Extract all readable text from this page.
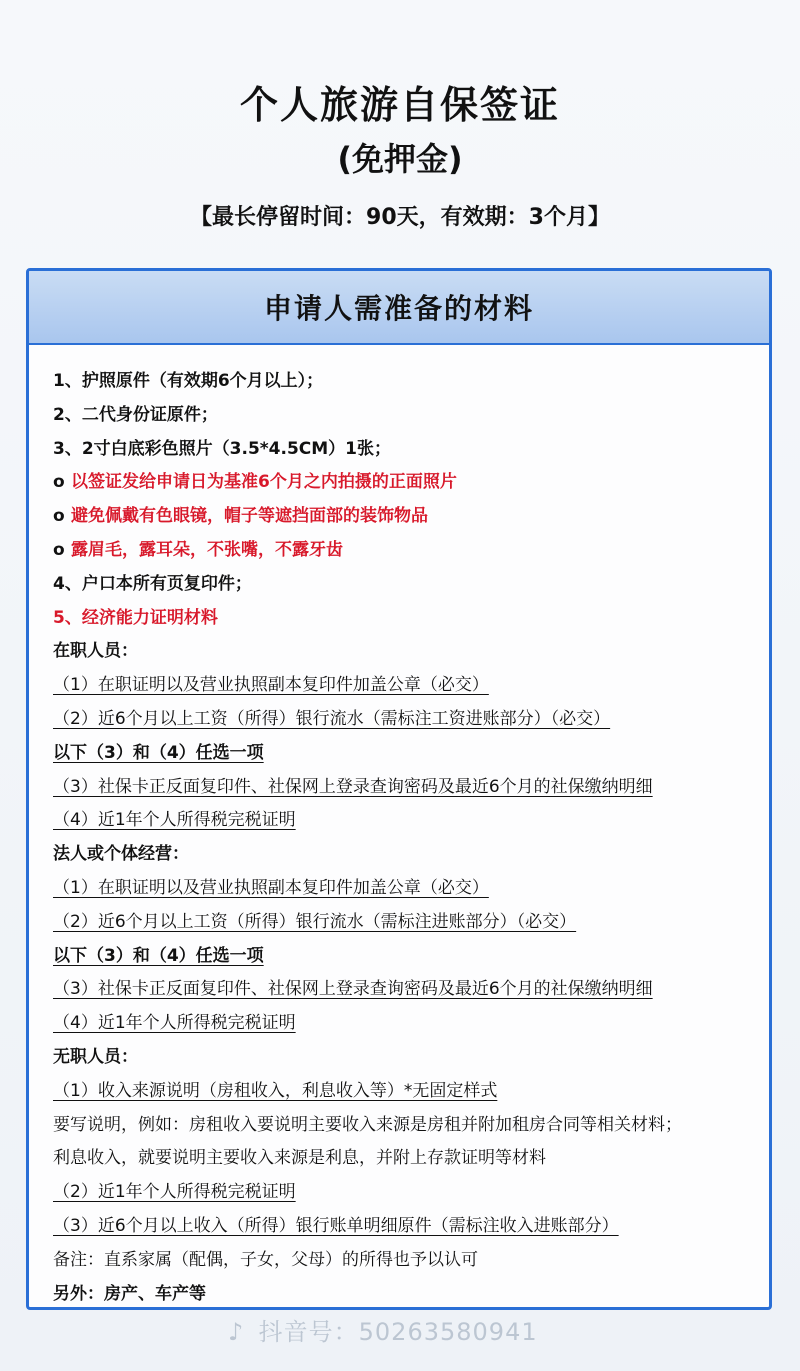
个人旅游自保签证
(免押金)
【最长停留时间：90天，有效期：3个月】
申请人需准备的材料
1、护照原件（有效期6个月以上）；
2、二代身份证原件；
3、2寸白底彩色照片（3.5*4.5CM）1张；
o 以签证发给申请日为基准6个月之内拍摄的正面照片
o 避免佩戴有色眼镜，帽子等遮挡面部的装饰物品
o 露眉毛，露耳朵，不张嘴，不露牙齿
4、户口本所有页复印件；
5、经济能力证明材料
在职人员：
（1）在职证明以及营业执照副本复印件加盖公章（必交）
（2）近6个月以上工资（所得）银行流水（需标注工资进账部分）（必交）
以下（3）和（4）任选一项
（3）社保卡正反面复印件、社保网上登录查询密码及最近6个月的社保缴纳明细
（4）近1年个人所得税完税证明
法人或个体经营：
（1）在职证明以及营业执照副本复印件加盖公章（必交）
（2）近6个月以上工资（所得）银行流水（需标注进账部分）（必交）
以下（3）和（4）任选一项
（3）社保卡正反面复印件、社保网上登录查询密码及最近6个月的社保缴纳明细
（4）近1年个人所得税完税证明
无职人员：
（1）收入来源说明（房租收入，利息收入等）*无固定样式
要写说明，例如：房租收入要说明主要收入来源是房租并附加租房合同等相关材料；
利息收入，就要说明主要收入来源是利息，并附上存款证明等材料
（2）近1年个人所得税完税证明
（3）近6个月以上收入（所得）银行账单明细原件（需标注收入进账部分）
备注：直系家属（配偶，子女，父母）的所得也予以认可
另外：房产、车产等
♪ 抖音号：50263580941
